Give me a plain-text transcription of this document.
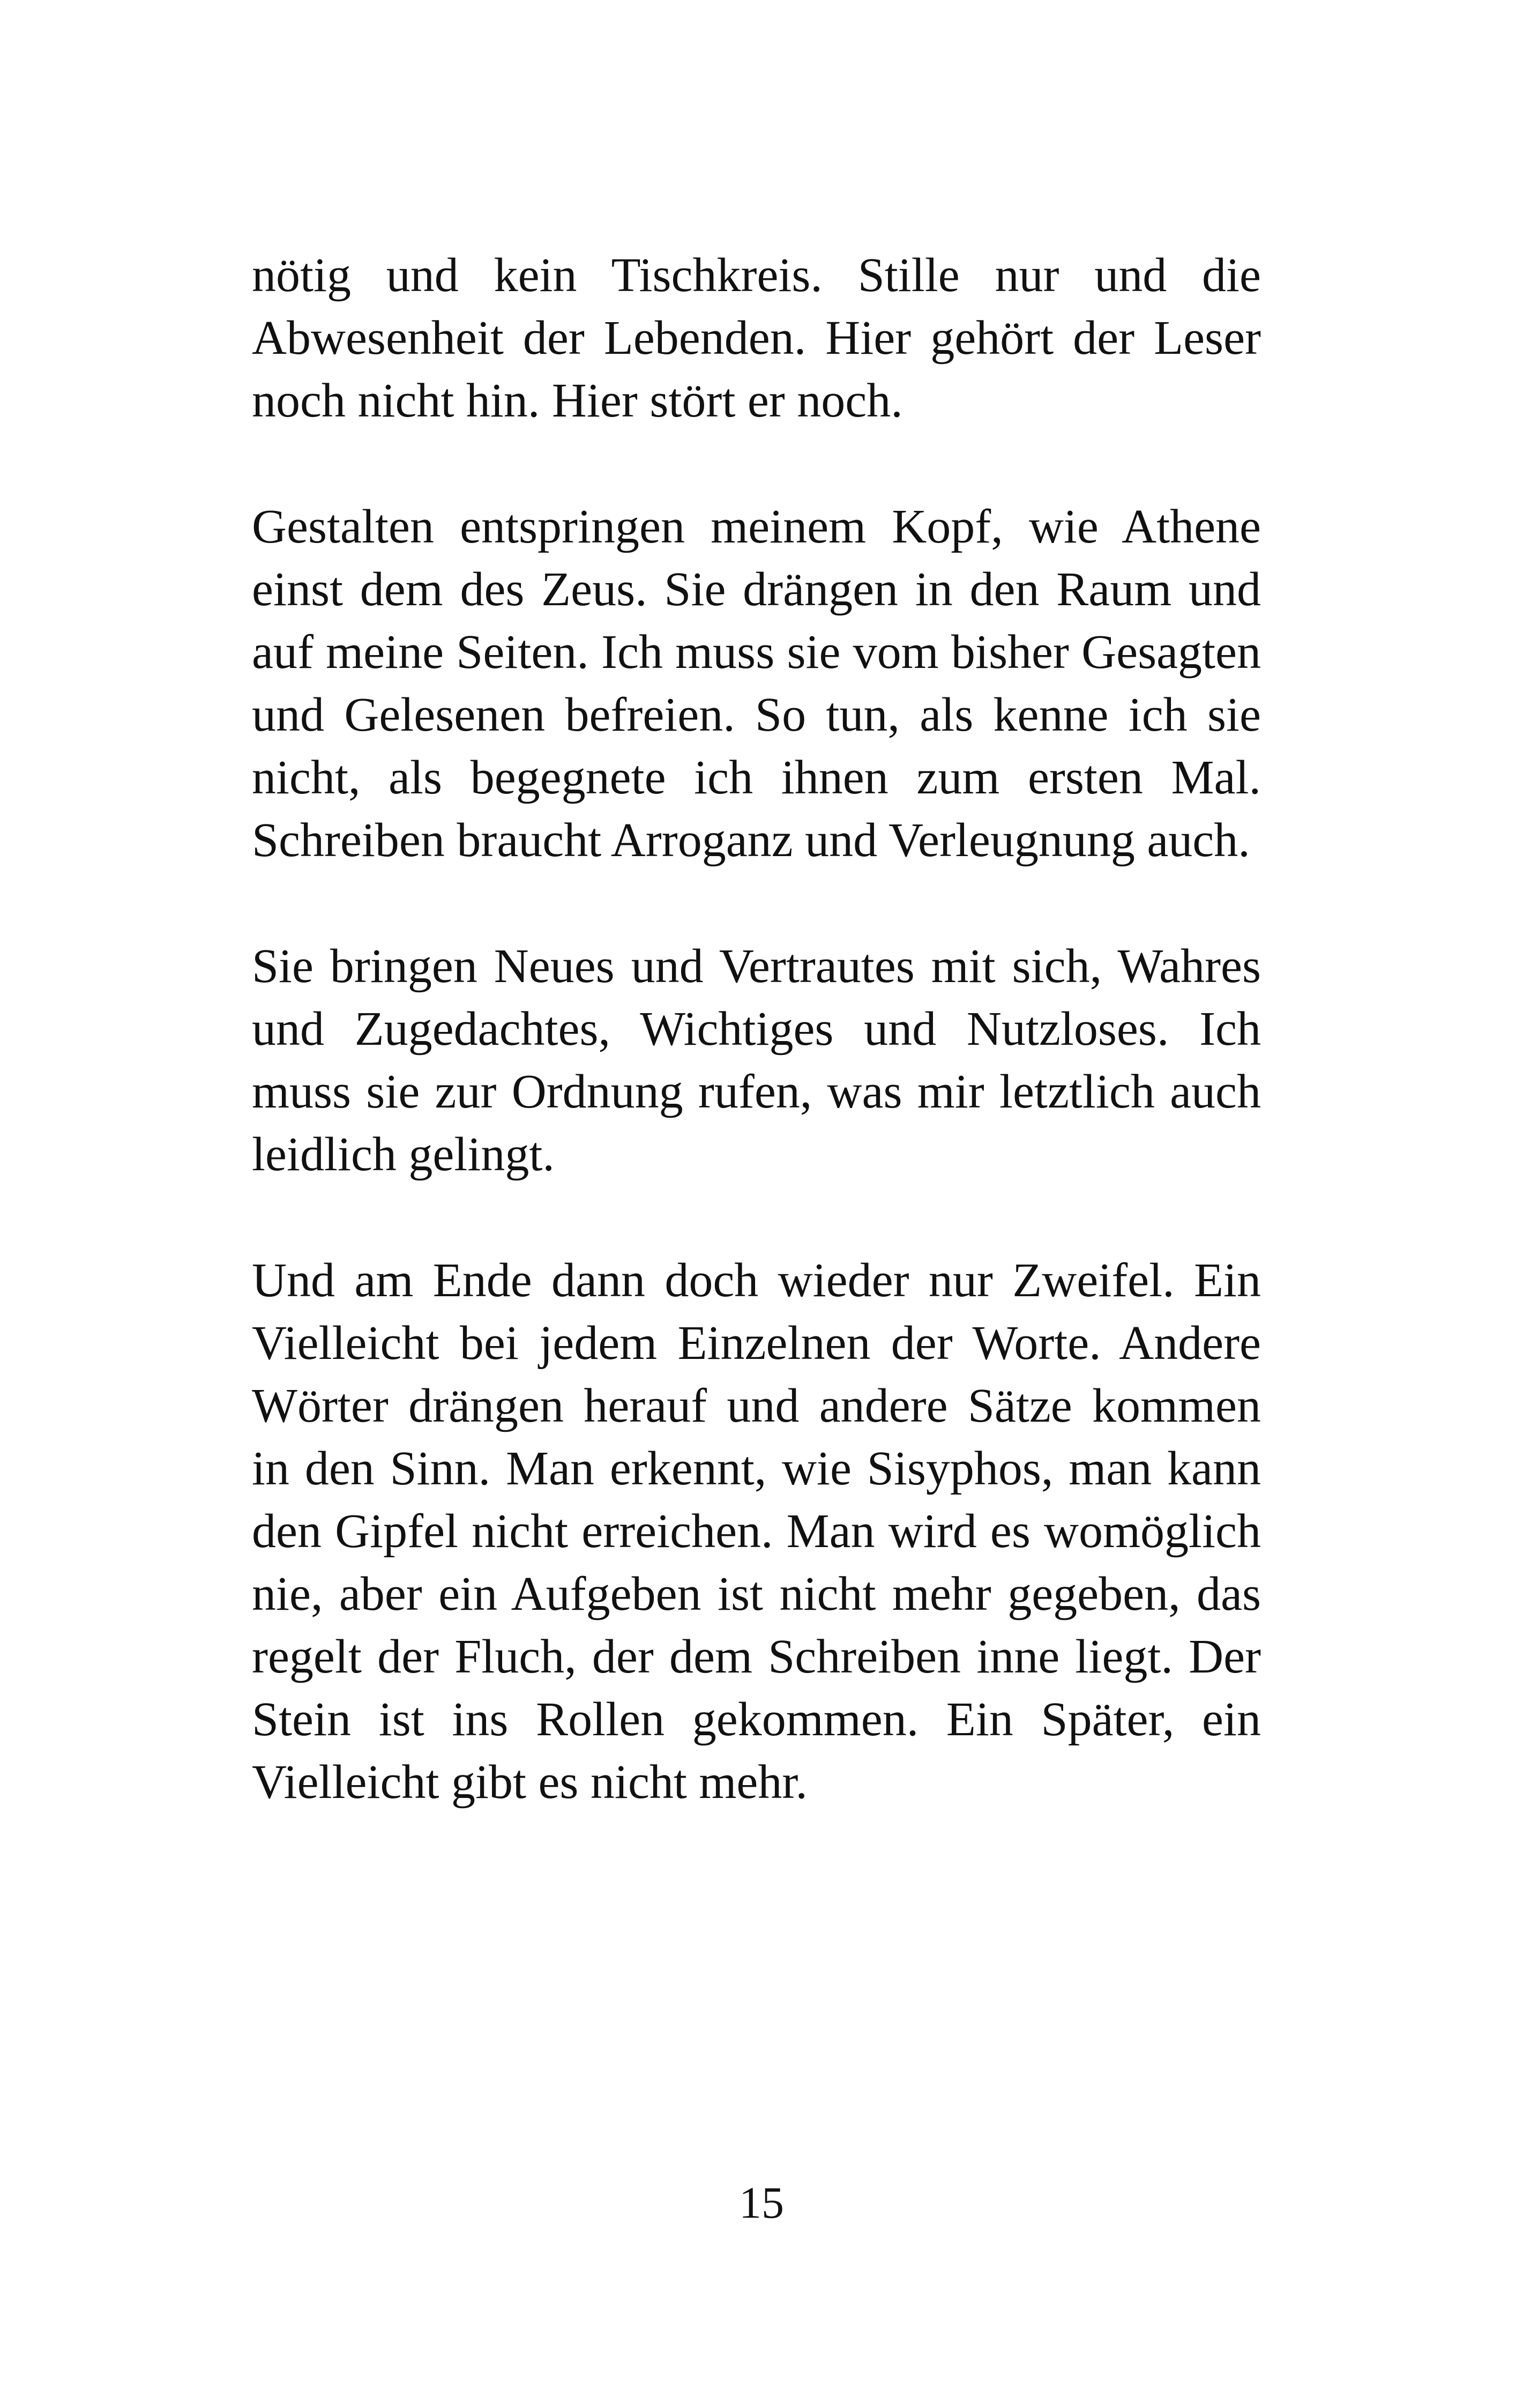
nötig und kein Tischkreis. Stille nur und die Abwesenheit der Lebenden. Hier gehört der Leser noch nicht hin. Hier stört er noch.

Gestalten entspringen meinem Kopf, wie Athene einst dem des Zeus. Sie drängen in den Raum und auf meine Seiten. Ich muss sie vom bisher Gesagten und Gelesenen befreien. So tun, als kenne ich sie nicht, als begegnete ich ihnen zum ersten Mal. Schreiben braucht Arroganz und Verleugnung auch.

Sie bringen Neues und Vertrautes mit sich, Wahres und Zugedachtes, Wichtiges und Nutzloses. Ich muss sie zur Ordnung rufen, was mir letztlich auch leidlich gelingt.

Und am Ende dann doch wieder nur Zweifel. Ein Vielleicht bei jedem Einzelnen der Worte. Andere Wörter drängen herauf und andere Sätze kommen in den Sinn. Man erkennt, wie Sisyphos, man kann den Gipfel nicht erreichen. Man wird es womöglich nie, aber ein Aufgeben ist nicht mehr gegeben, das regelt der Fluch, der dem Schreiben inne liegt. Der Stein ist ins Rollen gekommen. Ein Später, ein Vielleicht gibt es nicht mehr.

15
